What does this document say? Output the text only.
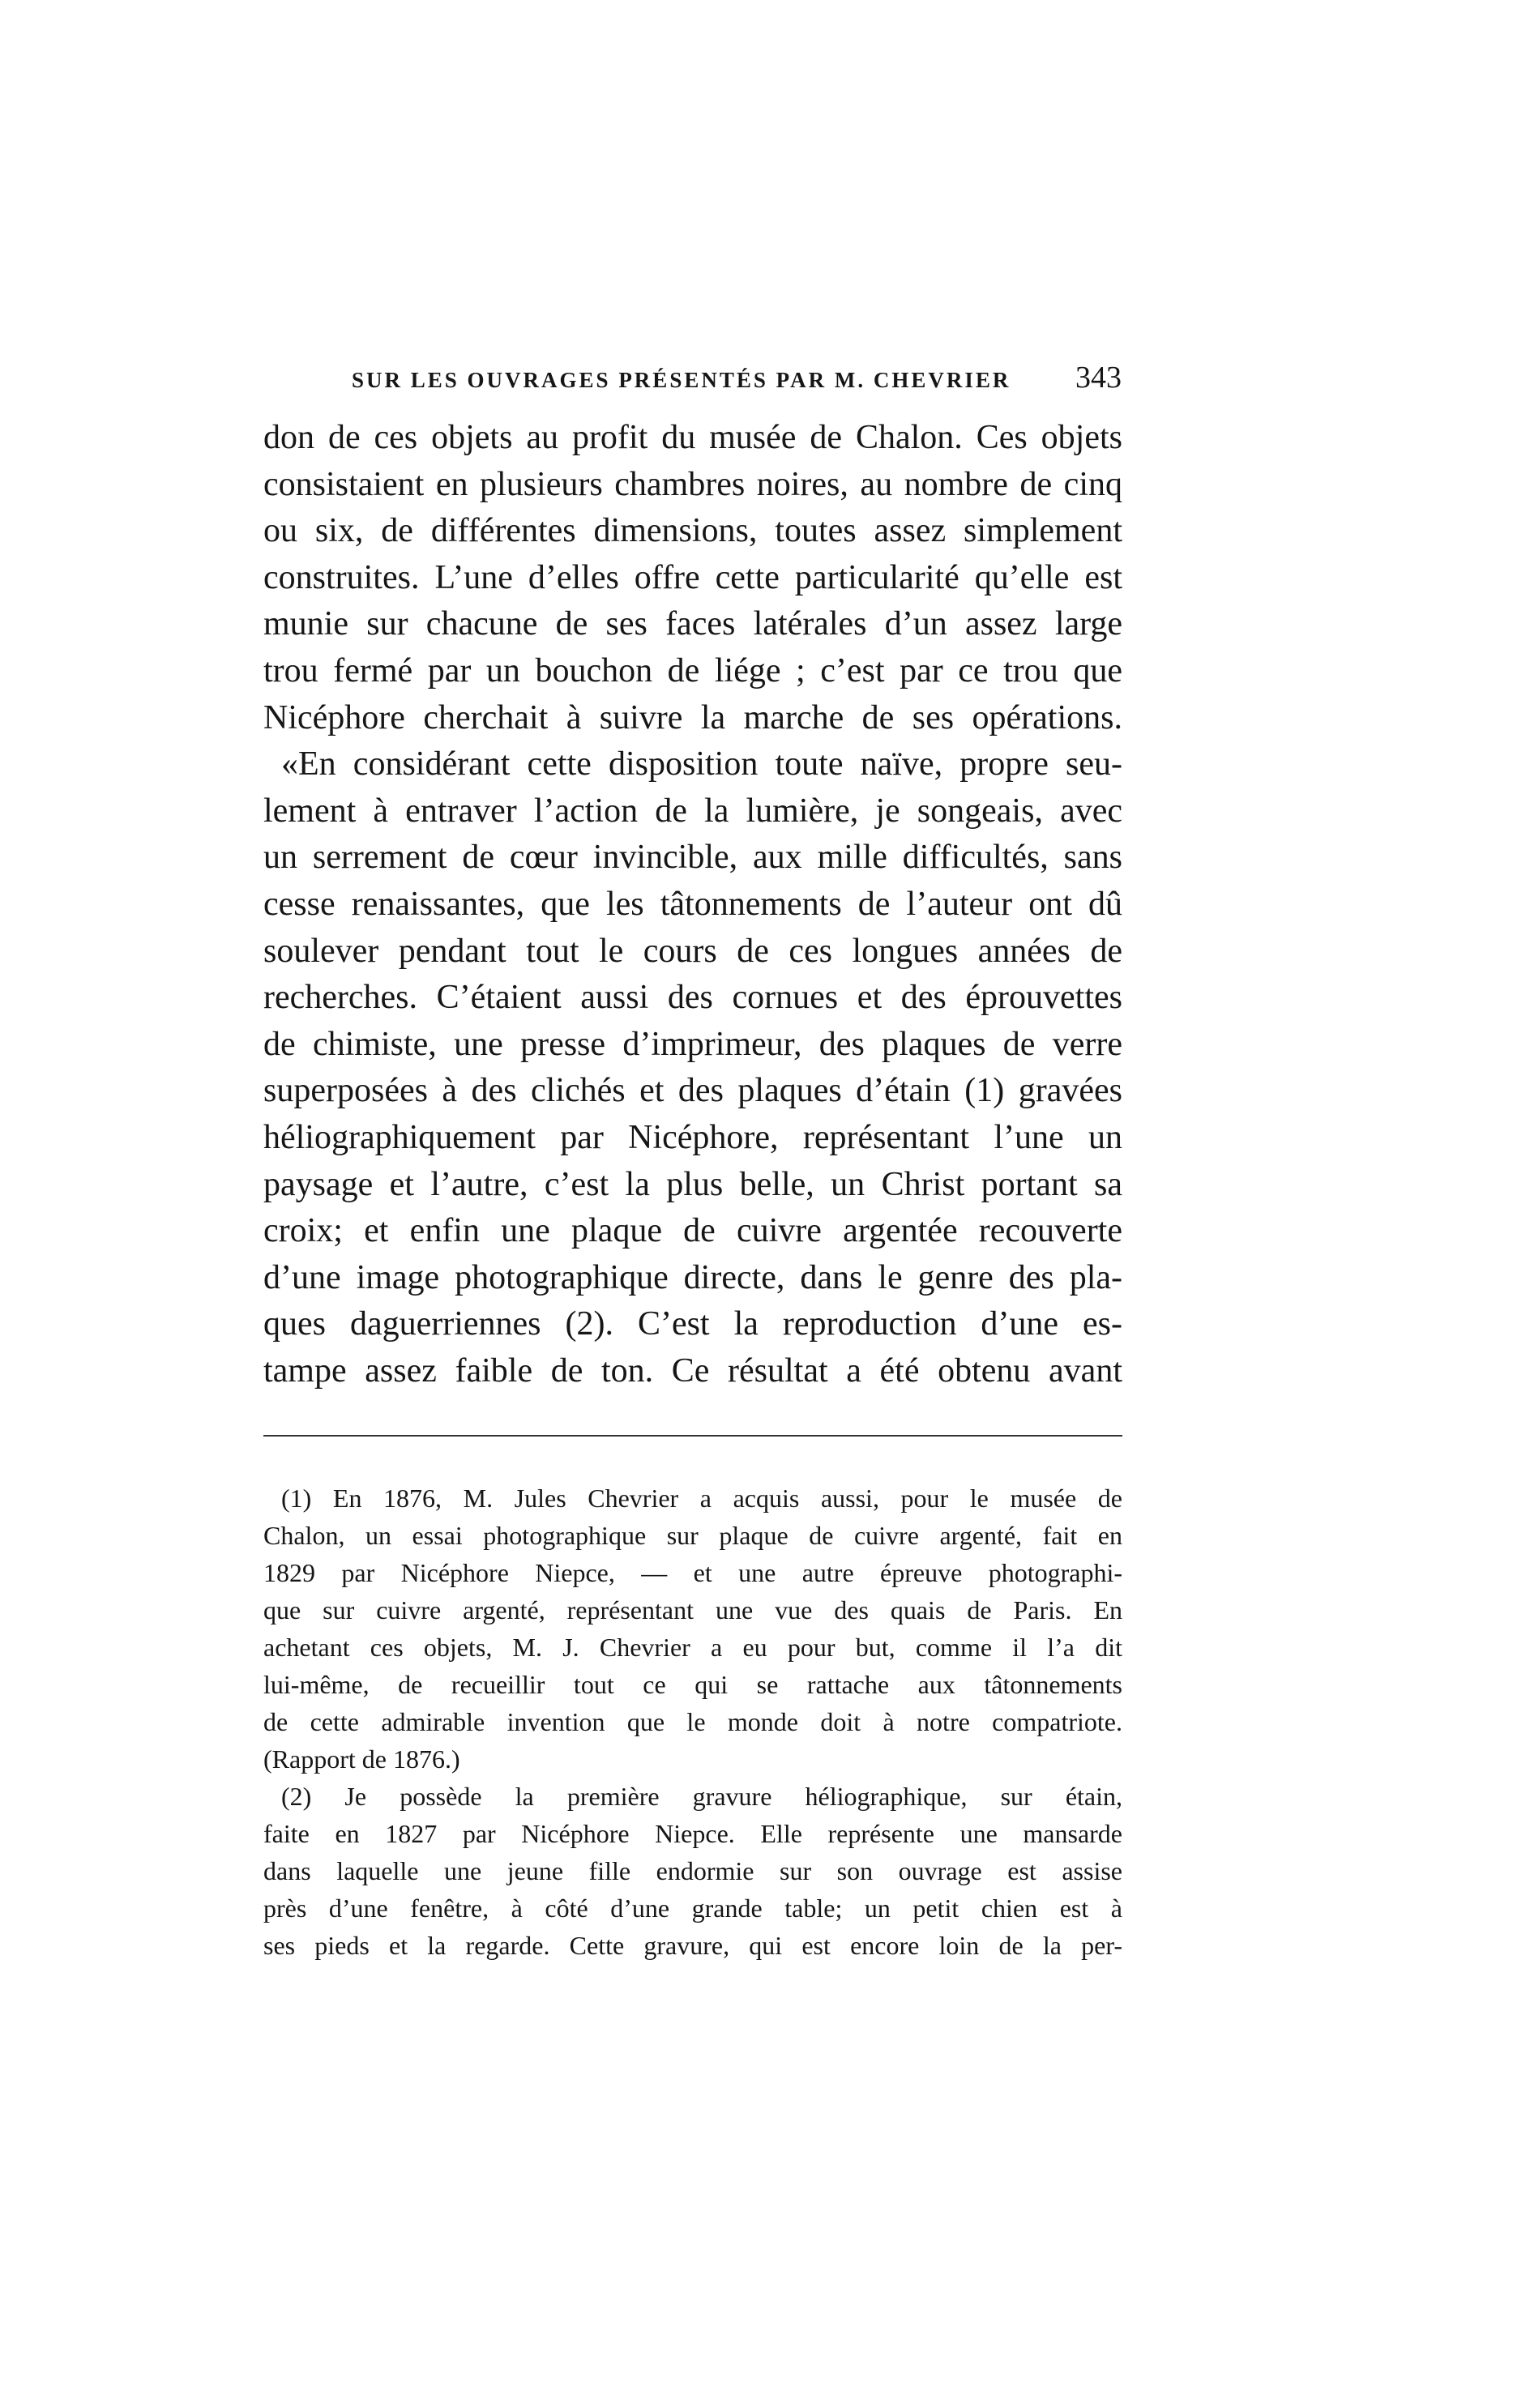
SUR LES OUVRAGES PRÉSENTÉS PAR M. CHEVRIER 343
don de ces objets au profit du musée de Chalon. Ces objets
consistaient en plusieurs chambres noires, au nombre de cinq
ou six, de différentes dimensions, toutes assez simplement
construites. L’une d’elles offre cette particularité qu’elle est
munie sur chacune de ses faces latérales d’un assez large
trou fermé par un bouchon de liége ; c’est par ce trou que
Nicéphore cherchait à suivre la marche de ses opérations.
«En considérant cette disposition toute naïve, propre seu-
lement à entraver l’action de la lumière, je songeais, avec
un serrement de cœur invincible, aux mille difficultés, sans
cesse renaissantes, que les tâtonnements de l’auteur ont dû
soulever pendant tout le cours de ces longues années de
recherches. C’étaient aussi des cornues et des éprouvettes
de chimiste, une presse d’imprimeur, des plaques de verre
superposées à des clichés et des plaques d’étain (1) gravées
héliographiquement par Nicéphore, représentant l’une un
paysage et l’autre, c’est la plus belle, un Christ portant sa
croix; et enfin une plaque de cuivre argentée recouverte
d’une image photographique directe, dans le genre des pla-
ques daguerriennes (2). C’est la reproduction d’une es-
tampe assez faible de ton. Ce résultat a été obtenu avant
(1) En 1876, M. Jules Chevrier a acquis aussi, pour le musée de
Chalon, un essai photographique sur plaque de cuivre argenté, fait en
1829 par Nicéphore Niepce, — et une autre épreuve photographi-
que sur cuivre argenté, représentant une vue des quais de Paris. En
achetant ces objets, M. J. Chevrier a eu pour but, comme il l’a dit
lui-même, de recueillir tout ce qui se rattache aux tâtonnements
de cette admirable invention que le monde doit à notre compatriote.
(Rapport de 1876.)
(2) Je possède la première gravure héliographique, sur étain,
faite en 1827 par Nicéphore Niepce. Elle représente une mansarde
dans laquelle une jeune fille endormie sur son ouvrage est assise
près d’une fenêtre, à côté d’une grande table; un petit chien est à
ses pieds et la regarde. Cette gravure, qui est encore loin de la per-
